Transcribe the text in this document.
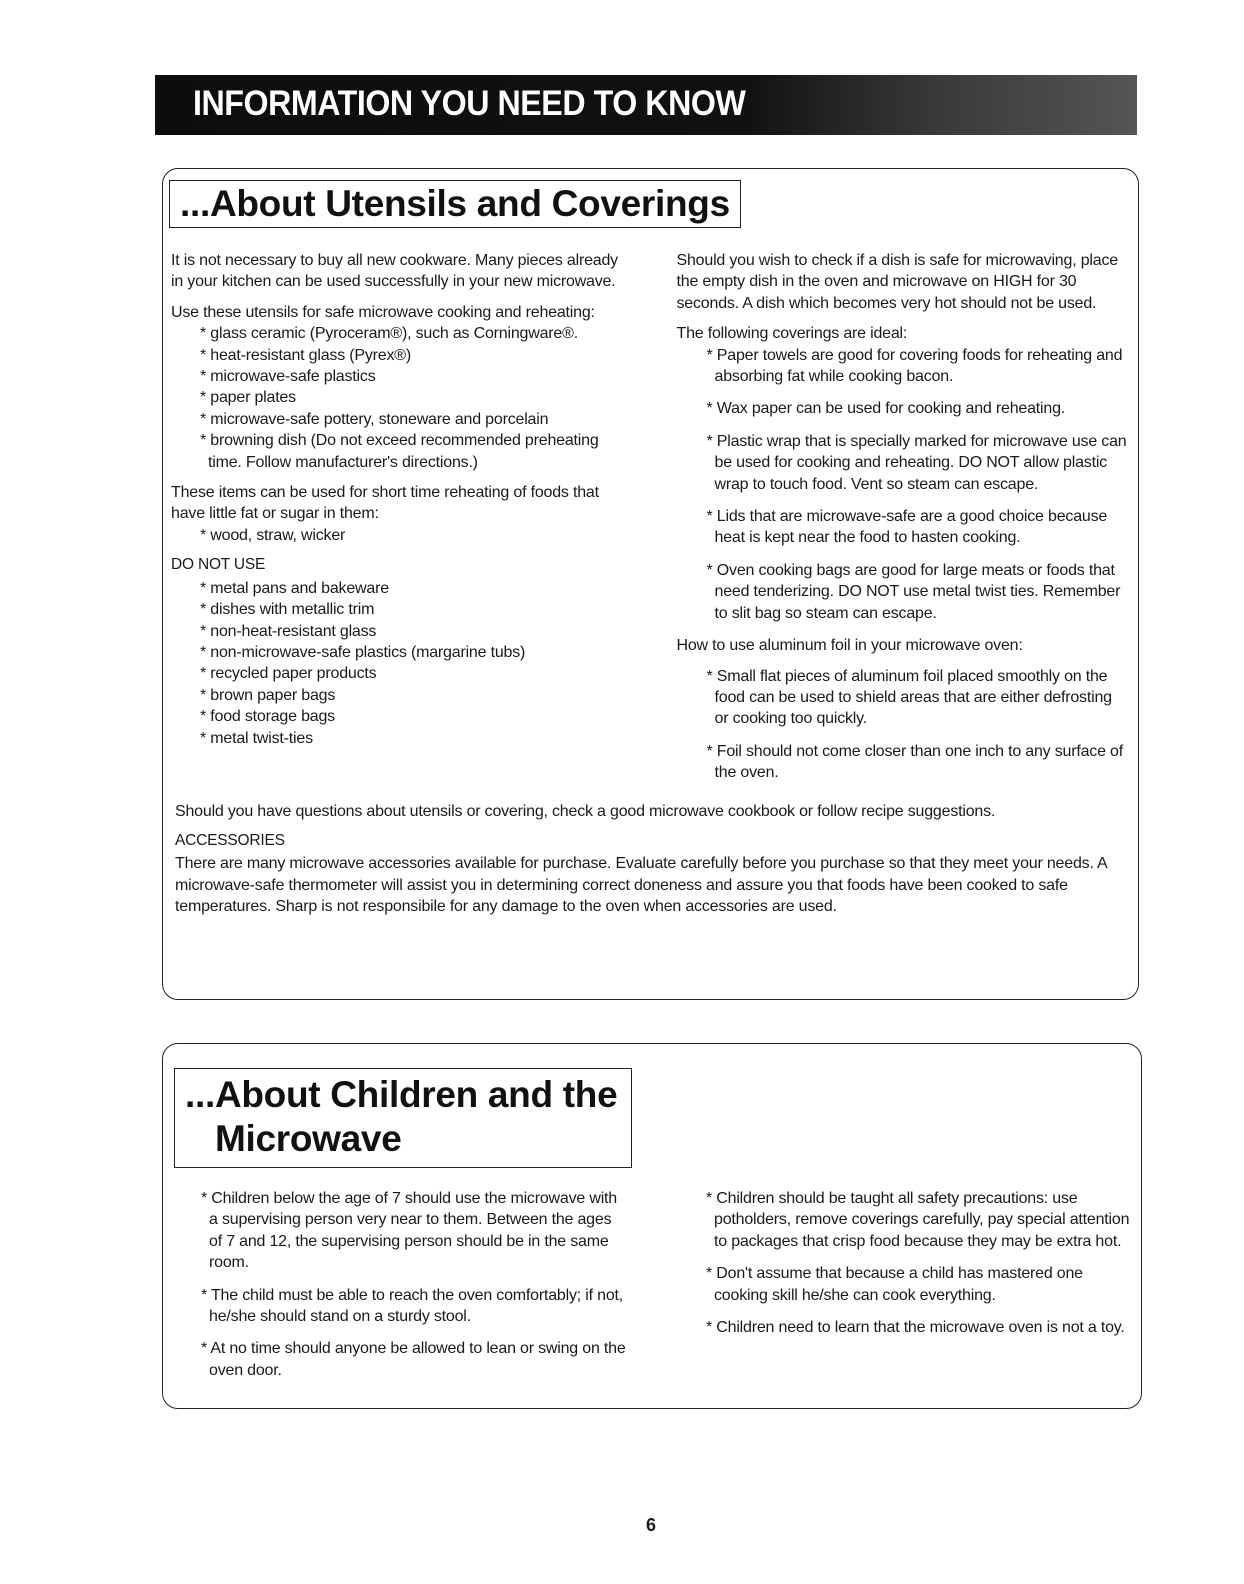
INFORMATION YOU NEED TO KNOW
...About Utensils and Coverings

It is not necessary to buy all new cookware. Many pieces already in your kitchen can be used successfully in your new microwave.

Use these utensils for safe microwave cooking and reheating:

* glass ceramic (Pyroceram®), such as Corningware®.

* heat-resistant glass (Pyrex®)

* microwave-safe plastics

* paper plates

* microwave-safe pottery, stoneware and porcelain

* browning dish (Do not exceed recommended preheating time. Follow manufacturer's directions.)

These items can be used for short time reheating of foods that have little fat or sugar in them:

* wood, straw, wicker

DO NOT USE

* metal pans and bakeware

* dishes with metallic trim

* non-heat-resistant glass

* non-microwave-safe plastics (margarine tubs)

* recycled paper products

* brown paper bags

* food storage bags

* metal twist-ties

Should you wish to check if a dish is safe for microwaving, place the empty dish in the oven and microwave on HIGH for 30 seconds. A dish which becomes very hot should not be used.

The following coverings are ideal:

* Paper towels are good for covering foods for reheating and absorbing fat while cooking bacon.

* Wax paper can be used for cooking and reheating.

* Plastic wrap that is specially marked for microwave use can be used for cooking and reheating. DO NOT allow plastic wrap to touch food. Vent so steam can escape.

* Lids that are microwave-safe are a good choice because heat is kept near the food to hasten cooking.

* Oven cooking bags are good for large meats or foods that need tenderizing. DO NOT use metal twist ties. Remember to slit bag so steam can escape.

How to use aluminum foil in your microwave oven:

* Small flat pieces of aluminum foil placed smoothly on the food can be used to shield areas that are either defrosting or cooking too quickly.

* Foil should not come closer than one inch to any surface of the oven.

Should you have questions about utensils or covering, check a good microwave cookbook or follow recipe suggestions.

ACCESSORIES

There are many microwave accessories available for purchase. Evaluate carefully before you purchase so that they meet your needs. A microwave-safe thermometer will assist you in determining correct doneness and assure you that foods have been cooked to safe temperatures. Sharp is not responsibile for any damage to the oven when accessories are used.

...About Children and the
Microwave

* Children below the age of 7 should use the microwave with a supervising person very near to them. Between the ages of 7 and 12, the supervising person should be in the same room.

* The child must be able to reach the oven comfortably; if not, he/she should stand on a sturdy stool.

* At no time should anyone be allowed to lean or swing on the oven door.

* Children should be taught all safety precautions: use potholders, remove coverings carefully, pay special attention to packages that crisp food because they may be extra hot.

* Don't assume that because a child has mastered one cooking skill he/she can cook everything.

* Children need to learn that the microwave oven is not a toy.

6
